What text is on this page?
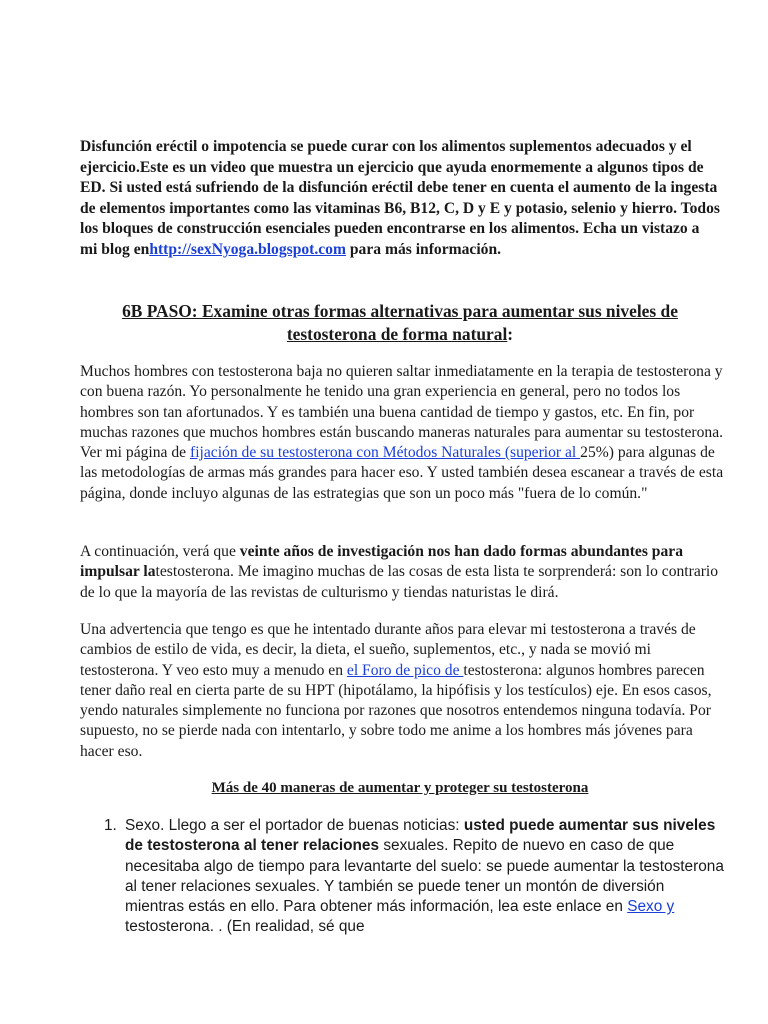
Disfunción eréctil o impotencia se puede curar con los alimentos suplementos adecuados y el ejercicio.Este es un video que muestra un ejercicio que ayuda enormemente a algunos tipos de ED. Si usted está sufriendo de la disfunción eréctil debe tener en cuenta el aumento de la ingesta de elementos importantes como las vitaminas B6, B12, C, D y E y potasio, selenio y hierro. Todos los bloques de construcción esenciales pueden encontrarse en los alimentos. Echa un vistazo a mi blog enhttp://sexNyoga.blogspot.com para más información.

6B PASO: Examine otras formas alternativas para aumentar sus niveles de testosterona de forma natural:

Muchos hombres con testosterona baja no quieren saltar inmediatamente en la terapia de testosterona y con buena razón. Yo personalmente he tenido una gran experiencia en general, pero no todos los hombres son tan afortunados. Y es también una buena cantidad de tiempo y gastos, etc. En fin, por muchas razones que muchos hombres están buscando maneras naturales para aumentar su testosterona. Ver mi página de fijación de su testosterona con Métodos Naturales (superior al 25%) para algunas de las metodologías de armas más grandes para hacer eso. Y usted también desea escanear a través de esta página, donde incluyo algunas de las estrategias que son un poco más "fuera de lo común."

A continuación, verá que veinte años de investigación nos han dado formas abundantes para impulsar latestosterona. Me imagino muchas de las cosas de esta lista te sorprenderá: son lo contrario de lo que la mayoría de las revistas de culturismo y tiendas naturistas le dirá.

Una advertencia que tengo es que he intentado durante años para elevar mi testosterona a través de cambios de estilo de vida, es decir, la dieta, el sueño, suplementos, etc., y nada se movió mi testosterona. Y veo esto muy a menudo en el Foro de pico de testosterona: algunos hombres parecen tener daño real en cierta parte de su HPT (hipotálamo, la hipófisis y los testículos) eje. En esos casos, yendo naturales simplemente no funciona por razones que nosotros entendemos ninguna todavía. Por supuesto, no se pierde nada con intentarlo, y sobre todo me anime a los hombres más jóvenes para hacer eso.

Más de 40 maneras de aumentar y proteger su testosterona
1. Sexo. Llego a ser el portador de buenas noticias: usted puede aumentar sus niveles de testosterona al tener relaciones sexuales. Repito de nuevo en caso de que necesitaba algo de tiempo para levantarte del suelo: se puede aumentar la testosterona al tener relaciones sexuales. Y también se puede tener un montón de diversión mientras estás en ello. Para obtener más información, lea este enlace en Sexo y testosterona. . (En realidad, sé que
